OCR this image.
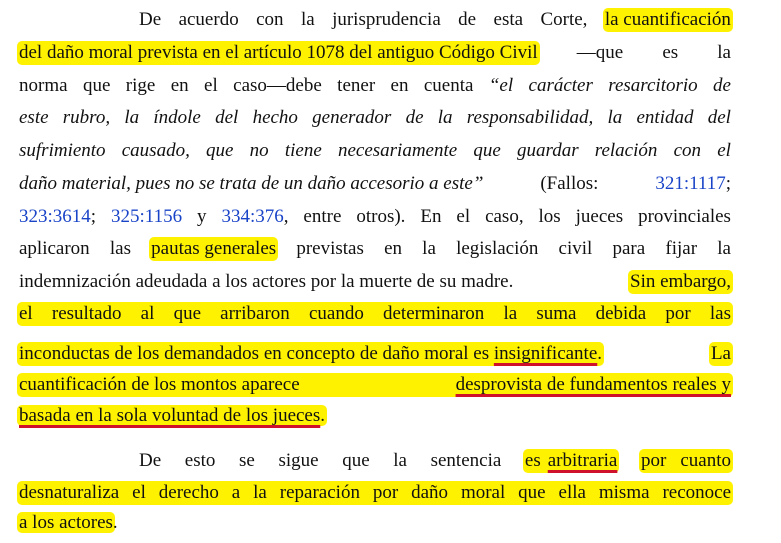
De acuerdo con la jurisprudencia de esta Corte, la cuantificación
del daño moral prevista en el artículo 1078 del antiguo Código Civil —que es la
norma que rige en el caso—debe tener en cuenta “el carácter resarcitorio de
este rubro, la índole del hecho generador de la responsabilidad, la entidad del
sufrimiento causado, que no tiene necesariamente que guardar relación con el
daño material, pues no se trata de un daño accesorio a este”	(Fallos:	321:1117;
323:3614; 325:1156 y 334:376, entre otros). En el caso, los jueces provinciales
aplicaron las pautas generales previstas en la legislación civil para fijar la
indemnización adeudada a los actores por la muerte de su madre.	Sin embargo,
el resultado al que arribaron cuando determinaron la suma debida por las
inconductas de los demandados en concepto de daño moral es insignificante.	La
cuantificación de los montos aparece	desprovista de fundamentos reales y
basada en la sola voluntad de los jueces.
De esto se sigue que la sentencia es arbitraria por cuanto
desnaturaliza el derecho a la reparación por daño moral que ella misma reconoce
a los actores.
